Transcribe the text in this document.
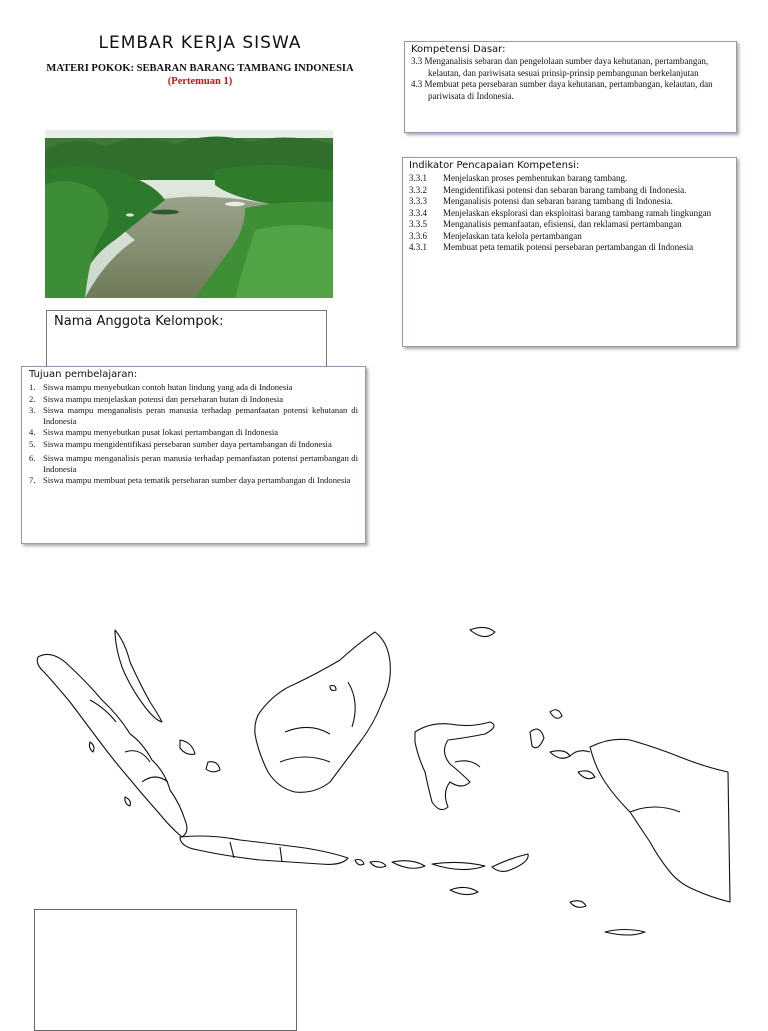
LEMBAR KERJA SISWA
MATERI POKOK: SEBARAN BARANG TAMBANG INDONESIA
(Pertemuan 1)
Kompetensi Dasar:
3.3 Menganalisis sebaran dan pengelolaan sumber daya kehutanan, pertambangan, kelautan, dan pariwisata sesuai prinsip-prinsip pembangunan berkelanjutan
4.3 Membuat peta persebaran sumber daya kehutanan, pertambangan, kelautan, dan pariwisata di Indonesia.
Indikator Pencapaian Kompetensi:
3.3.1	Menjelaskan proses pembentukan barang tambang.
3.3.2	Mengidentifikasi potensi dan sebaran barang tambang di Indonesia.
3.3.3	Menganalisis potensi dan sebaran barang tambang di Indonesia.
3.3.4	Menjelaskan eksplorasi dan eksploitasi barang tambang ramah lingkungan
3.3.5	Menganalisis pemanfaatan, efisiensi, dan reklamasi pertambangan
3.3.6	Menjelaskan tata kelola pertambangan
4.3.1	Membuat peta tematik potensi persebaran pertambangan di Indonesia
Nama Anggota Kelompok:
Tujuan pembelajaran:
1. Siswa mampu menyebutkan contoh hutan lindung yang ada di Indonesia
2. Siswa mampu menjelaskan potensi dan persebaran hutan di Indonesia
3. Siswa mampu menganalisis peran manusia terhadap pemanfaatan potensi kehutanan di Indonesia
4. Siswa mampu menyebutkan pusat lokasi pertambangan di Indonesia
5. Siswa mampu mengidentifikasi persebaran sumber daya pertambangan di Indonesia
6. Siswa mampu menganalisis peran manusia terhadap pemanfaatan potensi pertambangan di Indonesia
7. Siswa mampu membuat peta tematik persebaran sumber daya pertambangan di Indonesia
